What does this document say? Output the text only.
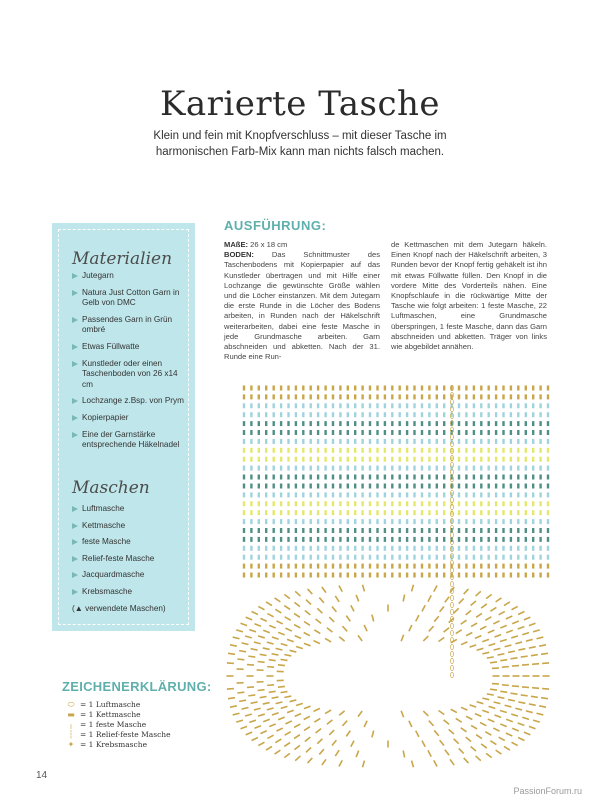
Karierte Tasche
Klein und fein mit Knopfverschluss – mit dieser Tasche im
harmonischen Farb-Mix kann man nichts falsch machen.
Materialien
Jutegarn
Natura Just Cotton Garn in Gelb von DMC
Passendes Garn in Grün ombré
Etwas Füllwatte
Kunstleder oder einen Taschenboden von 26 x14 cm
Lochzange z.Bsp. von Prym
Kopierpapier
Eine der Garnstärke entsprechende Häkelnadel
Maschen
Luftmasche
Kettmasche
feste Masche
Relief-feste Masche
Jacquardmasche
Krebsmasche
(▲ verwendete Maschen)
AUSFÜHRUNG:
MAßE: 26 x 18 cm
BODEN: Das Schnittmuster des Taschenbodens mit Kopierpapier auf das Kunstleder übertragen und mit Hilfe einer Lochzange die gewünschte Größe wählen und die Löcher einstanzen. Mit dem Jutegarn die erste Runde in die Löcher des Bodens arbeiten, in Runden nach der Häkelschrift weiterarbeiten, dabei eine feste Masche in jede Grundmasche arbeiten. Garn abschneiden und abketten. Nach der 31. Runde eine Run-
de Kettmaschen mit dem Jutegarn häkeln. Einen Knopf nach der Häkelschrift arbeiten, 3 Runden bevor der Knopf fertig gehäkelt ist ihn mit etwas Füllwatte füllen. Den Knopf in die vordere Mitte des Vorderteils nähen. Eine Knopfschlaufe in die rückwärtige Mitte der Tasche wie folgt arbeiten: 1 feste Masche, 22 Luftmaschen, eine Grundmasche überspringen, 1 feste Masche, dann das Garn abschneiden und abketten. Träger von links wie abgebildet annähen.
ZEICHENERKLÄRUNG:
⬭ = 1 Luftmasche
▬ = 1 Kettmasche
╷ = 1 feste Masche
┆ = 1 Relief-feste Masche
✦ = 1 Krebsmasche
14
PassionForum.ru
